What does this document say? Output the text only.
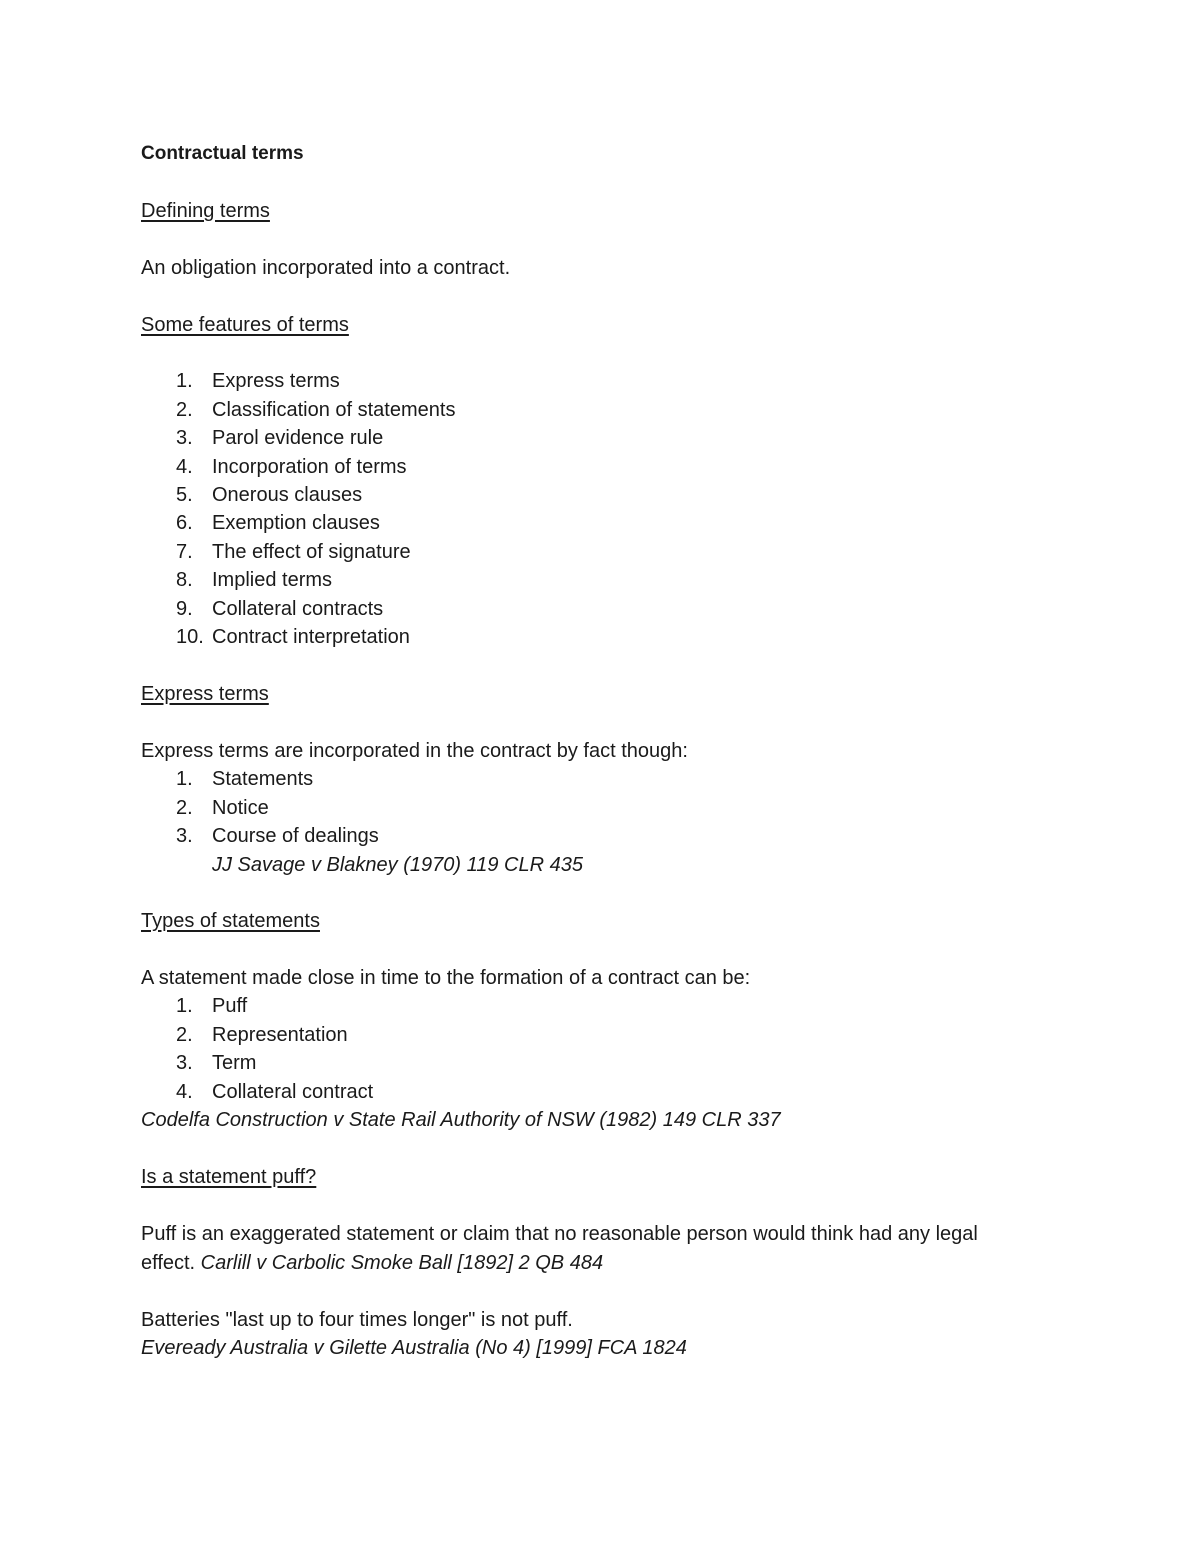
Contractual terms
Defining terms
An obligation incorporated into a contract.
Some features of terms
1. Express terms
2. Classification of statements
3. Parol evidence rule
4. Incorporation of terms
5. Onerous clauses
6. Exemption clauses
7. The effect of signature
8. Implied terms
9. Collateral contracts
10. Contract interpretation
Express terms
Express terms are incorporated in the contract by fact though:
1. Statements
2. Notice
3. Course of dealings
JJ Savage v Blakney (1970) 119 CLR 435
Types of statements
A statement made close in time to the formation of a contract can be:
1. Puff
2. Representation
3. Term
4. Collateral contract
Codelfa Construction v State Rail Authority of NSW (1982) 149 CLR 337
Is a statement puff?
Puff is an exaggerated statement or claim that no reasonable person would think had any legal
effect. Carlill v Carbolic Smoke Ball [1892] 2 QB 484
Batteries "last up to four times longer" is not puff.
Eveready Australia v Gilette Australia (No 4) [1999] FCA 1824
